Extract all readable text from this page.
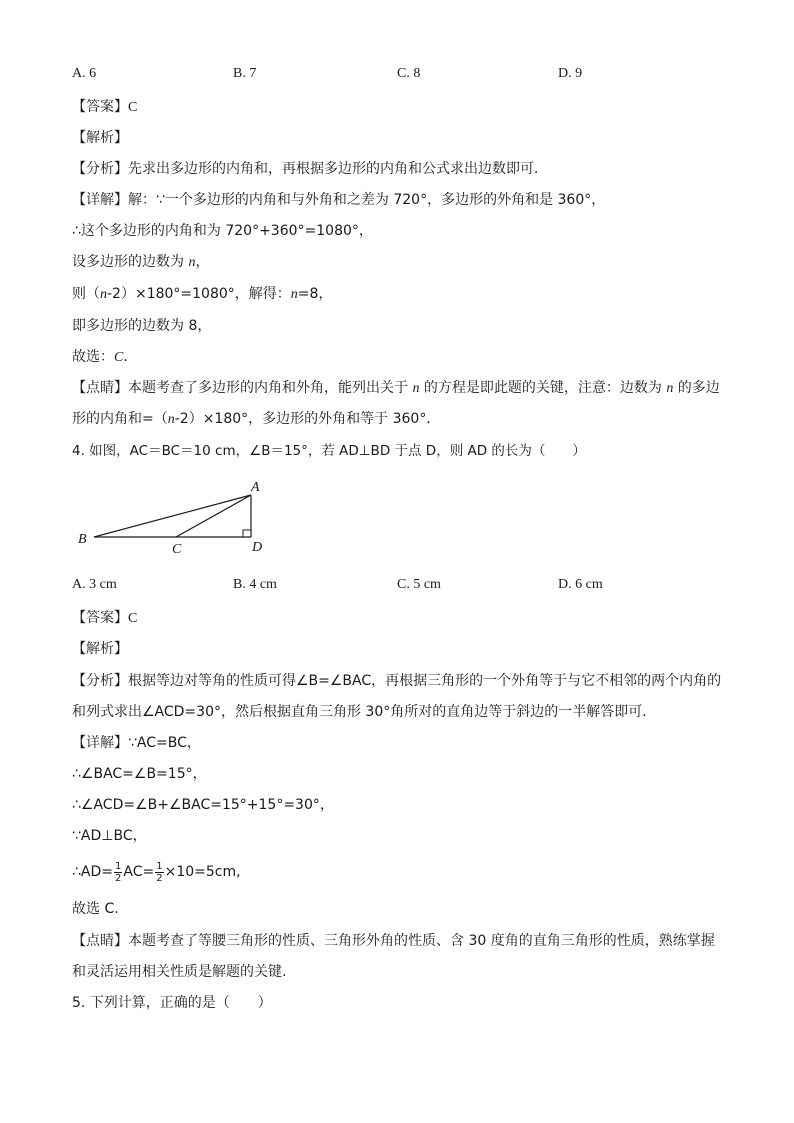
A. 6	B. 7	C. 8	D. 9
【答案】C
【解析】
【分析】先求出多边形的内角和，再根据多边形的内角和公式求出边数即可．
【详解】解：∵一个多边形的内角和与外角和之差为 720°，多边形的外角和是 360°，
∴这个多边形的内角和为 720°+360°=1080°，
设多边形的边数为 n，
则（n-2）×180°=1080°，解得：n=8，
即多边形的边数为 8，
故选：C．
【点睛】本题考查了多边形的内角和外角，能列出关于 n 的方程是即此题的关键，注意：边数为 n 的多边
形的内角和=（n-2）×180°，多边形的外角和等于 360°．
4. 如图，AC＝BC＝10 cm，∠B＝15°，若 AD⊥BD 于点 D，则 AD 的长为（　　）
A
B
C	D
A. 3 cm	B. 4 cm	C. 5 cm	D. 6 cm
【答案】C
【解析】
【分析】根据等边对等角的性质可得∠B=∠BAC，再根据三角形的一个外角等于与它不相邻的两个内角的
和列式求出∠ACD=30°，然后根据直角三角形 30°角所对的直角边等于斜边的一半解答即可．
【详解】∵AC=BC，
∴∠BAC=∠B=15°，
∴∠ACD=∠B+∠BAC=15°+15°=30°，
∵AD⊥BC，
∴AD= $\frac{1}{2} AC= \frac{1}{2} \times 10=5cm$,
故选 C.
【点睛】本题考查了等腰三角形的性质、三角形外角的性质、含 30 度角的直角三角形的性质，熟练掌握
和灵活运用相关性质是解题的关键.
5. 下列计算，正确的是（　　）
